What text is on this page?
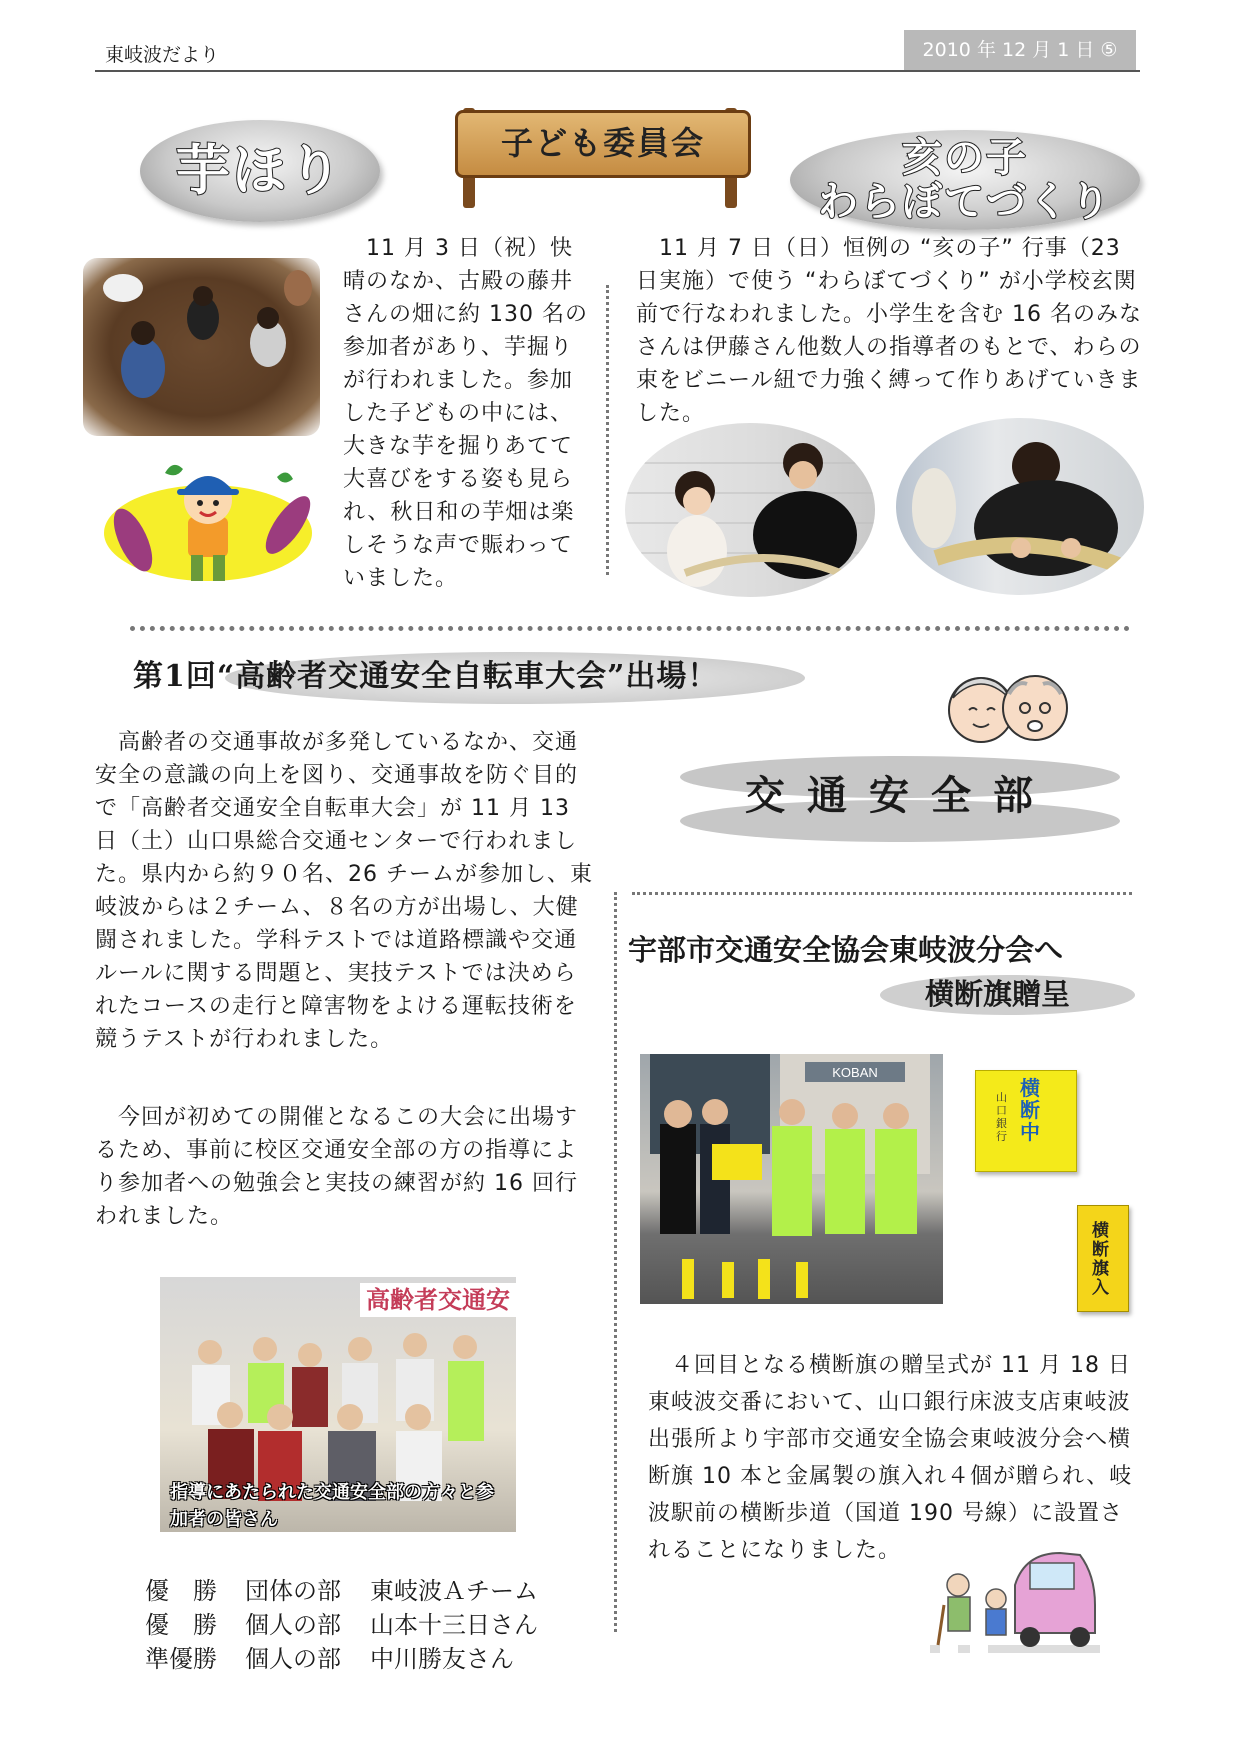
東岐波だより	2010 年 12 月 1 日 ⑤
芋ほり	子ども委員会	亥の子
わらぼてづくり
　11 月 3 日（祝）快晴のなか、古殿の藤井さんの畑に約 130 名の参加者があり、芋掘りが行われました。参加した子どもの中には、大きな芋を掘りあてて大喜びをする姿も見られ、秋日和の芋畑は楽しそうな声で賑わっていました。
　11 月 7 日（日）恒例の “亥の子” 行事（23 日実施）で使う “わらぼてづくり” が小学校玄関前で行なわれました。小学生を含む 16 名のみなさんは伊藤さん他数人の指導者のもとで、わらの束をビニール紐で力強く縛って作りあげていきました。
第1回“高齢者交通安全自転車大会”出場！
交通安全部
　高齢者の交通事故が多発しているなか、交通安全の意識の向上を図り、交通事故を防ぐ目的で「高齢者交通安全自転車大会」が 11 月 13 日（土）山口県総合交通センターで行われました。県内から約９０名、26 チームが参加し、東岐波からは２チーム、８名の方が出場し、大健闘されました。学科テストでは道路標識や交通ルールに関する問題と、実技テストでは決められたコースの走行と障害物をよける運転技術を競うテストが行われました。
　今回が初めての開催となるこの大会に出場するため、事前に校区交通安全部の方の指導により参加者への勉強会と実技の練習が約 16 回行われました。
宇部市交通安全協会東岐波分会へ
横断旗贈呈
KOBAN
横断中
山口銀行
横断旗入
　４回目となる横断旗の贈呈式が 11 月 18 日東岐波交番において、山口銀行床波支店東岐波出張所より宇部市交通安全協会東岐波分会へ横断旗 10 本と金属製の旗入れ４個が贈られ、岐波駅前の横断歩道（国道 190 号線）に設置されることになりました。
高齢者交通安
指導にあたられた交通安全部の方々と参加者の皆さん
優　勝	団体の部	東岐波Ａチーム
優　勝	個人の部	山本十三日さん
準優勝	個人の部	中川勝友さん
